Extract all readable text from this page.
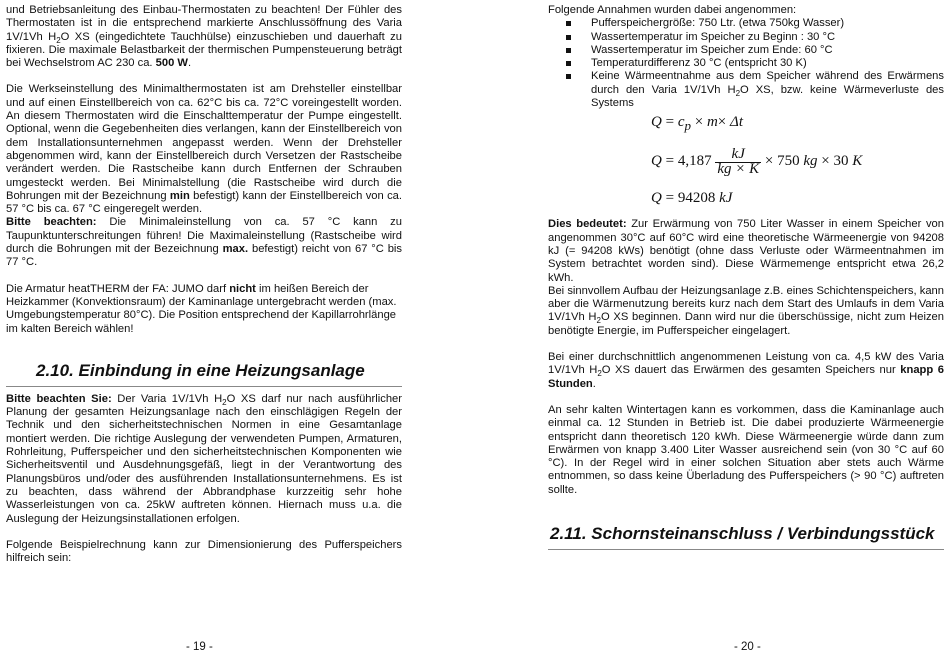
und Betriebsanleitung des Einbau-Thermostaten zu beachten! Der Fühler des Thermostaten ist in die entsprechend markierte Anschlussöffnung des Varia 1V/1Vh $H_2O$ XS (eingedichtete Tauchhülse) einzuschieben und dauerhaft zu fixieren. Die maximale Belastbarkeit der thermischen Pumpensteuerung beträgt bei Wechselstrom AC 230 ca. 500 W.

Die Werkseinstellung des Minimalthermostaten ist am Drehsteller einstellbar und auf einen Einstellbereich von ca. 62°C bis ca. 72°C voreingestellt worden. An diesem Thermostaten wird die Einschalttemperatur der Pumpe eingestellt. Optional, wenn die Gegebenheiten dies verlangen, kann der Einstellbereich von dem Installationsunternehmen angepasst werden. Wenn der Drehsteller abgenommen wird, kann der Einstellbereich durch Versetzen der Rastscheibe verändert werden. Die Rastscheibe kann durch Entfernen der Schrauben umgesteckt werden. Bei Minimalstellung (die Rastscheibe wird durch die Bohrungen mit der Bezeichnung min befestigt) kann der Einstellbereich von ca. 57 °C bis ca. 67 °C eingeregelt werden.
Bitte beachten: Die Minimaleinstellung von ca. 57 °C kann zu Taupunktunterschreitungen führen! Die Maximaleinstellung (Rastscheibe wird durch die Bohrungen mit der Bezeichnung max. befestigt) reicht von 67 °C bis 77 °C.

Die Armatur heatTHERM der FA: JUMO darf nicht im heißen Bereich der Heizkammer (Konvektionsraum) der Kaminanlage untergebracht werden (max. Umgebungstemperatur 80°C). Die Position entsprechend der Kapillarrohrlänge im kalten Bereich wählen!

2.10. Einbindung in eine Heizungsanlage

Bitte beachten Sie: Der Varia 1V/1Vh $H_2O$ XS darf nur nach ausführlicher Planung der gesamten Heizungsanlage nach den einschlägigen Regeln der Technik und den sicherheitstechnischen Normen in eine Gesamtanlage montiert werden. Die richtige Auslegung der verwendeten Pumpen, Armaturen, Rohrleitung, Pufferspeicher und den sicherheitstechnischen Komponenten wie Sicherheitsventil und Ausdehnungsgefäß, liegt in der Verantwortung des Planungsbüros und/oder des ausführenden Installationsunternehmens. Es ist zu beachten, dass während der Abbrandphase kurzzeitig sehr hohe Wasserleistungen von ca. 25kW auftreten können. Hiernach muss u.a. die Auslegung der Heizungsinstallationen erfolgen.

Folgende Beispielrechnung kann zur Dimensionierung des Pufferspeichers hilfreich sein:

- 19 -

Folgende Annahmen wurden dabei angenommen:

Pufferspeichergröße: 750 Ltr. (etwa 750kg Wasser)
Wassertemperatur im Speicher zu Beginn : 30 °C
Wassertemperatur im Speicher zum Ende: 60 °C
Temperaturdifferenz 30 °C (entspricht 30 K)
Keine Wärmeentnahme aus dem Speicher während des Erwärmens durch den Varia 1V/1Vh $H_2O$ XS, bzw. keine Wärmeverluste des Systems
$Q = c_p \times m\times \Delta t$
$Q = 4,187 \frac{kJ}{kg \times K} \times 750$ kg × 30 K
Q = 94208 kJ

Dies bedeutet: Zur Erwärmung von 750 Liter Wasser in einem Speicher von angenommen 30°C auf 60°C wird eine theoretische Wärmeenergie von 94208 kJ (= 94208 kWs) benötigt (ohne dass Verluste oder Wärmeentnahmen im System betrachtet worden sind). Diese Wärmemenge entspricht etwa 26,2 kWh.
Bei sinnvollem Aufbau der Heizungsanlage z.B. eines Schichtenspeichers, kann aber die Wärmenutzung bereits kurz nach dem Start des Umlaufs in dem Varia 1V/1Vh $H_2O$ XS beginnen. Dann wird nur die überschüssige, nicht zum Heizen benötigte Energie, im Pufferspeicher eingelagert.

Bei einer durchschnittlich angenommenen Leistung von ca. 4,5 kW des Varia 1V/1Vh $H_2O$ XS dauert das Erwärmen des gesamten Speichers nur knapp 6 Stunden.

An sehr kalten Wintertagen kann es vorkommen, dass die Kaminanlage auch einmal ca. 12 Stunden in Betrieb ist. Die dabei produzierte Wärmeenergie entspricht dann theoretisch 120 kWh. Diese Wärmeenergie würde dann zum Erwärmen von knapp 3.400 Liter Wasser ausreichend sein (von 30 °C auf 60 °C). In der Regel wird in einer solchen Situation aber stets auch Wärme entnommen, so dass keine Überladung des Pufferspeichers (> 90 °C) auftreten sollte.

2.11. Schornsteinanschluss / Verbindungsstück

- 20 -
